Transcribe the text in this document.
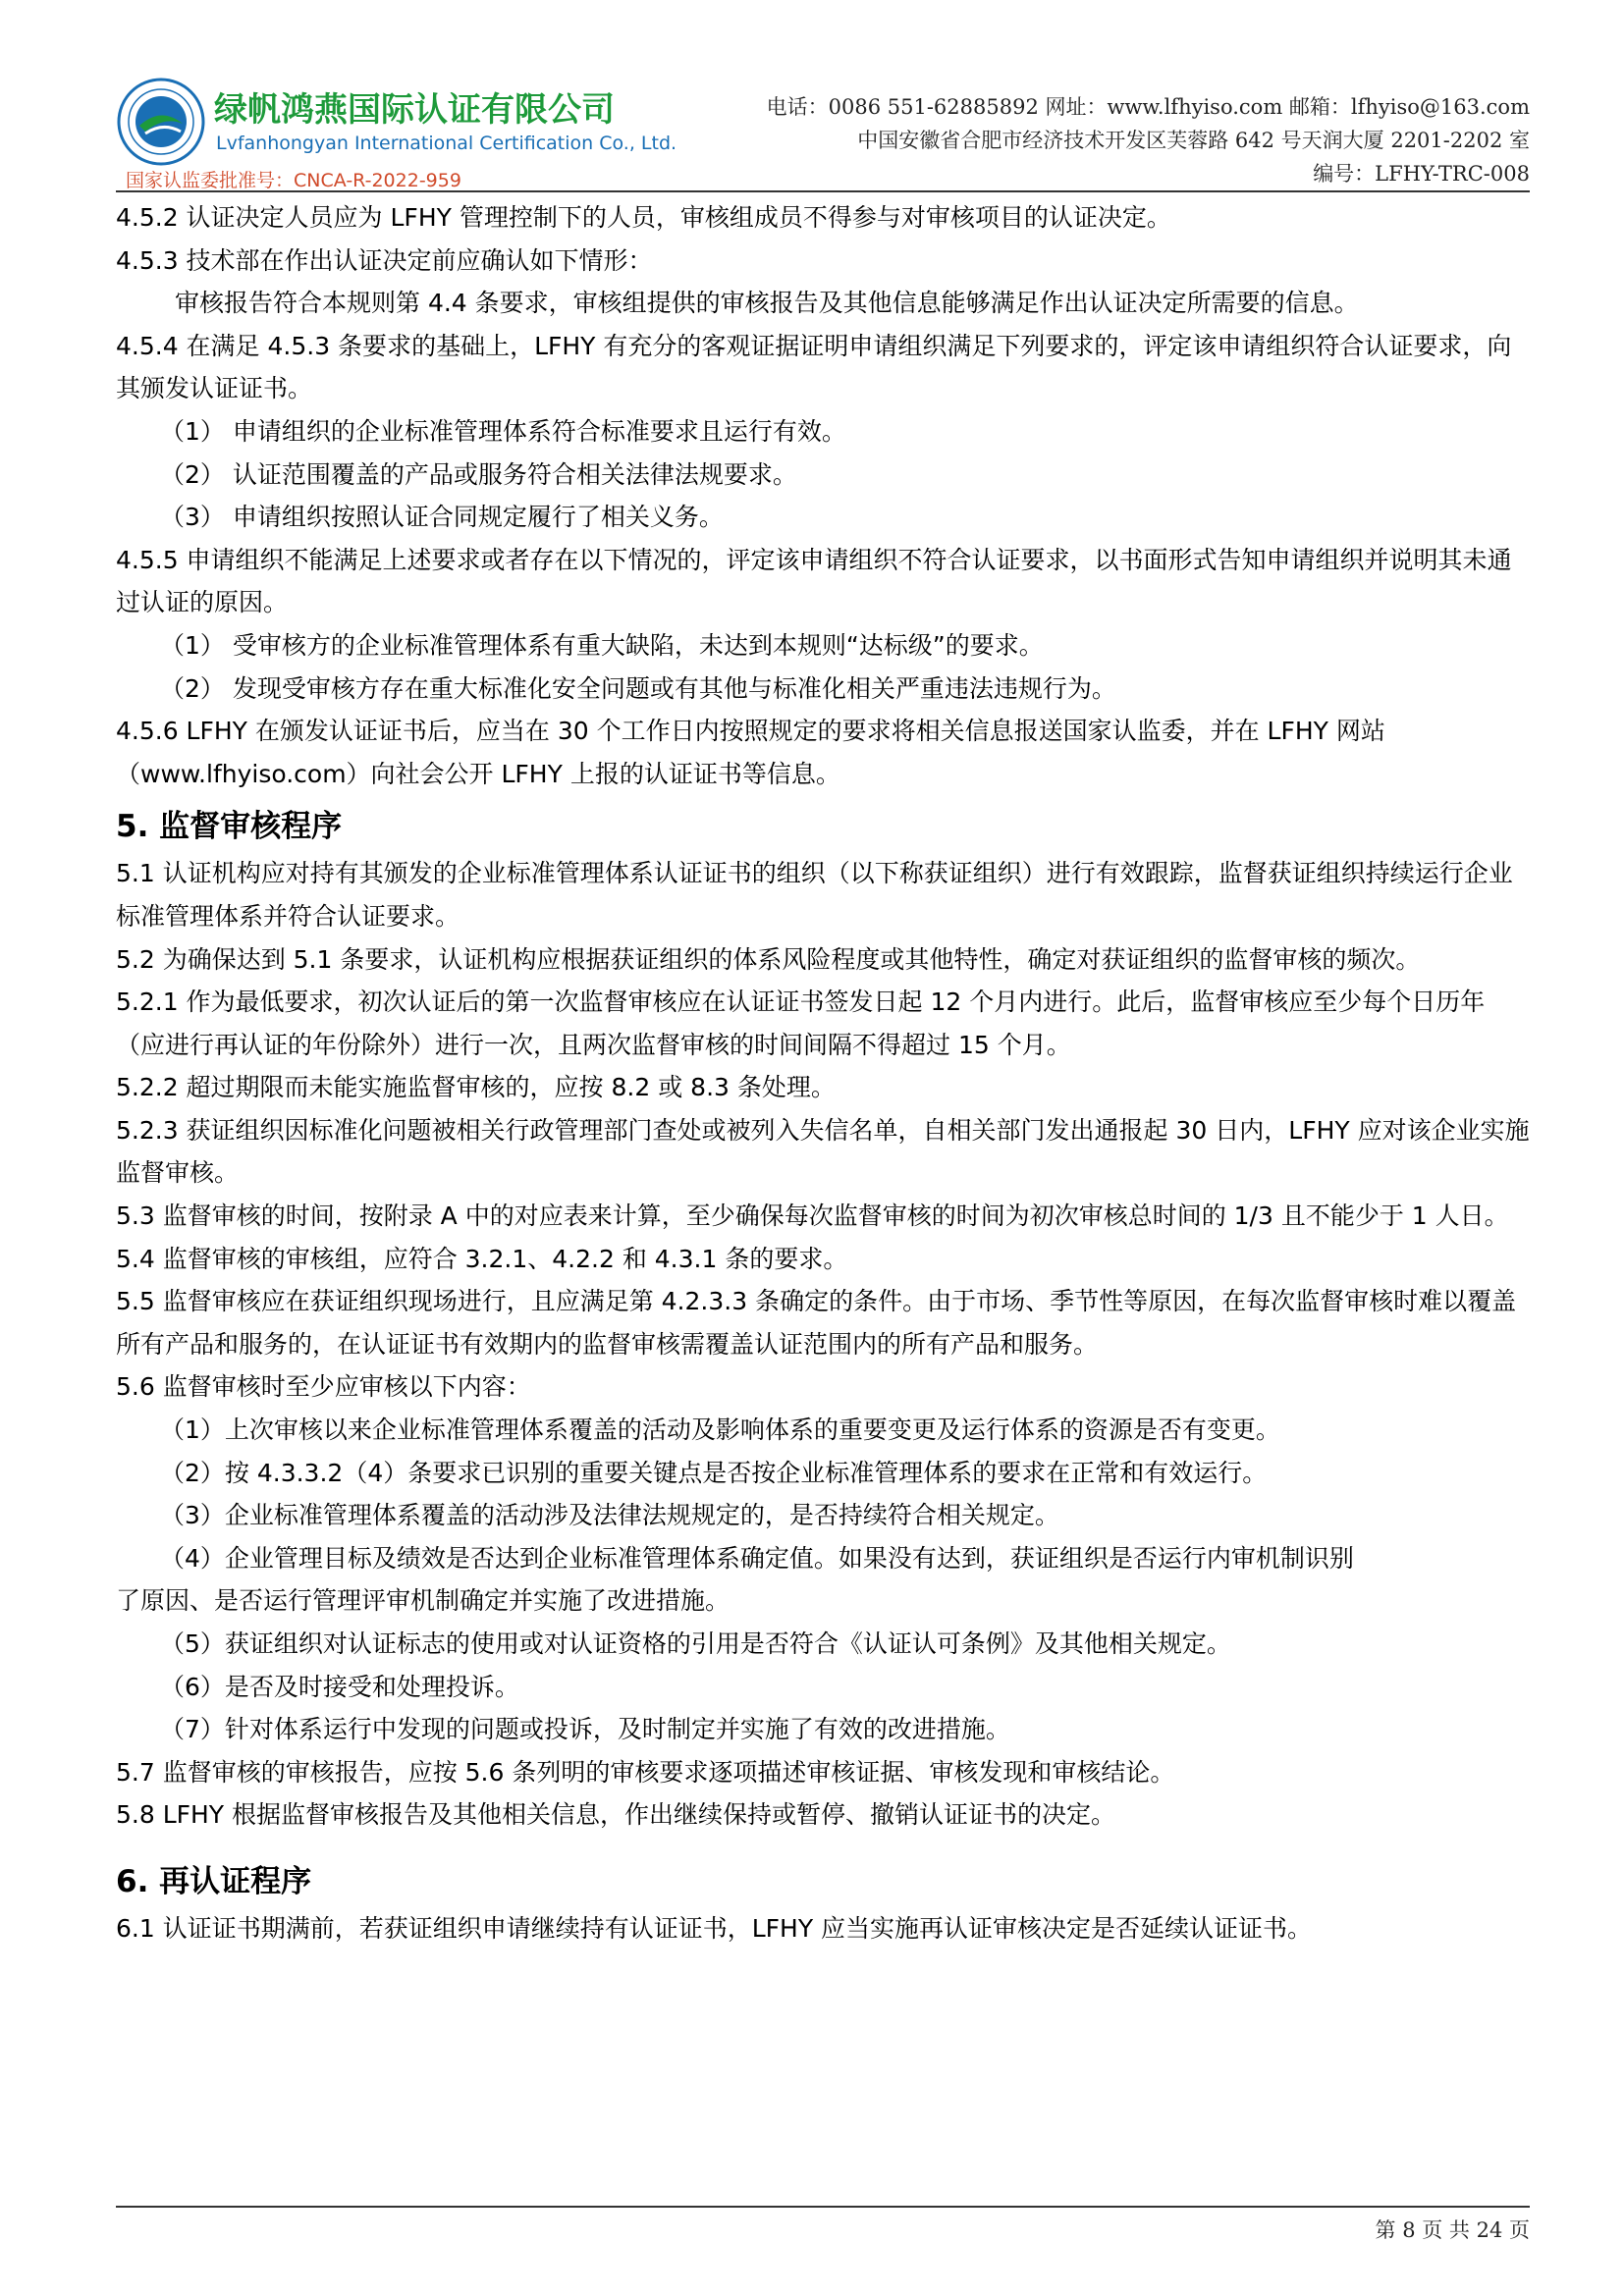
绿帆鸿燕国际认证有限公司
Lvfanhongyan International Certification Co., Ltd.
国家认监委批准号：CNCA-R-2022-959
电话：0086 551-62885892 网址：www.lfhyiso.com 邮箱：lfhyiso@163.com
中国安徽省合肥市经济技术开发区芙蓉路 642 号天润大厦 2201-2202 室
编号：LFHY-TRC-008

4.5.2 认证决定人员应为 LFHY 管理控制下的人员，审核组成员不得参与对审核项目的认证决定。

4.5.3 技术部在作出认证决定前应确认如下情形：

审核报告符合本规则第 4.4 条要求，审核组提供的审核报告及其他信息能够满足作出认证决定所需要的信息。

4.5.4 在满足 4.5.3 条要求的基础上，LFHY 有充分的客观证据证明申请组织满足下列要求的，评定该申请组织符合认证要求，向其颁发认证证书。

（1） 申请组织的企业标准管理体系符合标准要求且运行有效。

（2） 认证范围覆盖的产品或服务符合相关法律法规要求。

（3） 申请组织按照认证合同规定履行了相关义务。

4.5.5 申请组织不能满足上述要求或者存在以下情况的，评定该申请组织不符合认证要求，以书面形式告知申请组织并说明其未通过认证的原因。

（1） 受审核方的企业标准管理体系有重大缺陷，未达到本规则“达标级”的要求。

（2） 发现受审核方存在重大标准化安全问题或有其他与标准化相关严重违法违规行为。

4.5.6 LFHY 在颁发认证证书后，应当在 30 个工作日内按照规定的要求将相关信息报送国家认监委，并在 LFHY 网站（www.lfhyiso.com）向社会公开 LFHY 上报的认证证书等信息。

5. 监督审核程序

5.1 认证机构应对持有其颁发的企业标准管理体系认证证书的组织（以下称获证组织）进行有效跟踪，监督获证组织持续运行企业标准管理体系并符合认证要求。

5.2 为确保达到 5.1 条要求，认证机构应根据获证组织的体系风险程度或其他特性，确定对获证组织的监督审核的频次。

5.2.1 作为最低要求，初次认证后的第一次监督审核应在认证证书签发日起 12 个月内进行。此后，监督审核应至少每个日历年（应进行再认证的年份除外）进行一次，且两次监督审核的时间间隔不得超过 15 个月。

5.2.2 超过期限而未能实施监督审核的，应按 8.2 或 8.3 条处理。

5.2.3 获证组织因标准化问题被相关行政管理部门查处或被列入失信名单，自相关部门发出通报起 30 日内，LFHY 应对该企业实施监督审核。

5.3 监督审核的时间，按附录 A 中的对应表来计算，至少确保每次监督审核的时间为初次审核总时间的 1/3 且不能少于 1 人日。

5.4 监督审核的审核组，应符合 3.2.1、4.2.2 和 4.3.1 条的要求。

5.5 监督审核应在获证组织现场进行，且应满足第 4.2.3.3 条确定的条件。由于市场、季节性等原因，在每次监督审核时难以覆盖所有产品和服务的，在认证证书有效期内的监督审核需覆盖认证范围内的所有产品和服务。

5.6 监督审核时至少应审核以下内容：

（1）上次审核以来企业标准管理体系覆盖的活动及影响体系的重要变更及运行体系的资源是否有变更。

（2）按 4.3.3.2（4）条要求已识别的重要关键点是否按企业标准管理体系的要求在正常和有效运行。

（3）企业标准管理体系覆盖的活动涉及法律法规规定的，是否持续符合相关规定。

（4）企业管理目标及绩效是否达到企业标准管理体系确定值。如果没有达到，获证组织是否运行内审机制识别

了原因、是否运行管理评审机制确定并实施了改进措施。

（5）获证组织对认证标志的使用或对认证资格的引用是否符合《认证认可条例》及其他相关规定。

（6）是否及时接受和处理投诉。

（7）针对体系运行中发现的问题或投诉，及时制定并实施了有效的改进措施。

5.7 监督审核的审核报告，应按 5.6 条列明的审核要求逐项描述审核证据、审核发现和审核结论。

5.8 LFHY 根据监督审核报告及其他相关信息，作出继续保持或暂停、撤销认证证书的决定。

6. 再认证程序

6.1 认证证书期满前，若获证组织申请继续持有认证证书，LFHY 应当实施再认证审核决定是否延续认证证书。

第 8 页 共 24 页
